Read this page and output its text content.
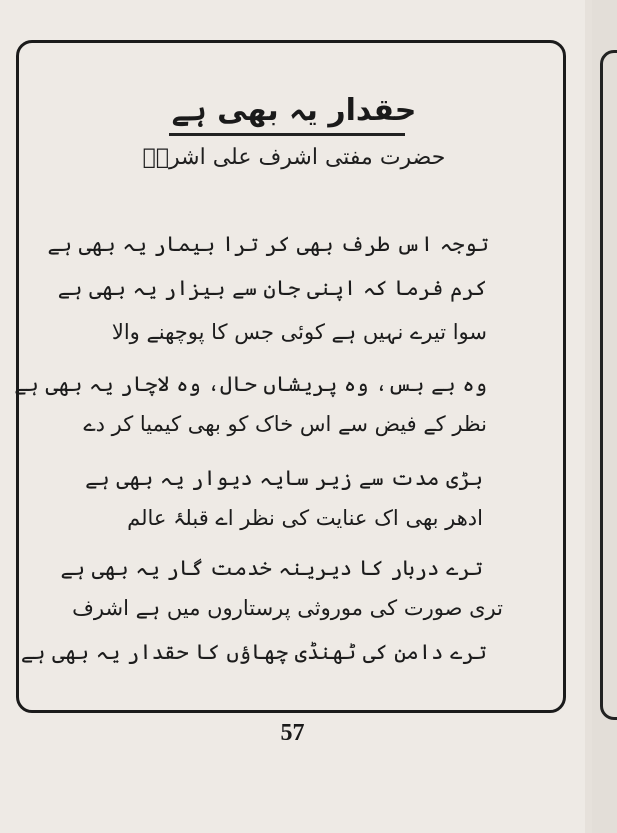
حقدار یہ بھی ہے
حضرت مفتی اشرف علی اشرفؒ
توجہ اس طرف بھی کر ترا بیمار یہ بھی ہے
کرم فرما کہ اپنی جان سے بیزار یہ بھی ہے
سوا تیرے نہیں ہے کوئی جس کا پوچھنے والا
وہ بے بس، وہ پریشاں حال، وہ لاچار یہ بھی ہے
نظر کے فیض سے اس خاک کو بھی کیمیا کر دے
بڑی مدت سے زیر سایہ دیوار یہ بھی ہے
ادھر بھی اک عنایت کی نظر اے قبلۂ عالم
ترے دربار کا دیرینہ خدمت گار یہ بھی ہے
تری صورت کی موروثی پرستاروں میں ہے اشرف
ترے دامن کی ٹھنڈی چھاؤں کا حقدار یہ بھی ہے
57
